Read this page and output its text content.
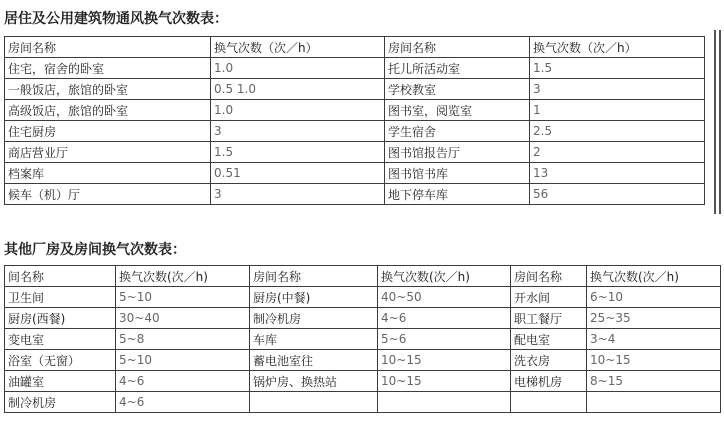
居住及公用建筑物通风换气次数表：
房间名称	换气次数（次／h）	房间名称	换气次数（次／h）
住宅，宿舍的卧室	1.0	托儿所活动室	1.5
一般饭店，旅馆的卧室	0.5 1.0	学校教室	3
高级饭店，旅馆的卧室	1.0	图书室，阅览室	1
住宅厨房	3	学生宿舍	2.5
商店营业厅	1.5	图书馆报告厅	2
档案库	0.51	图书馆书库	13
候车（机）厅	3	地下停车库	56
其他厂房及房间换气次数表：
间名称	换气次数(次／h)	房间名称	换气次数(次／h)	房间名称	换气次数(次／h)
卫生间	5~10	厨房(中餐)	40~50	开水间	6~10
厨房(西餐)	30~40	制冷机房	4~6	职工餐厅	25~35
变电室	5~8	车库	5~6	配电室	3~4
浴室（无窗）	5~10	蓄电池室往	10~15	洗衣房	10~15
油罐室	4~6	锅炉房、换热站	10~15	电梯机房	8~15
制冷机房	4~6				
